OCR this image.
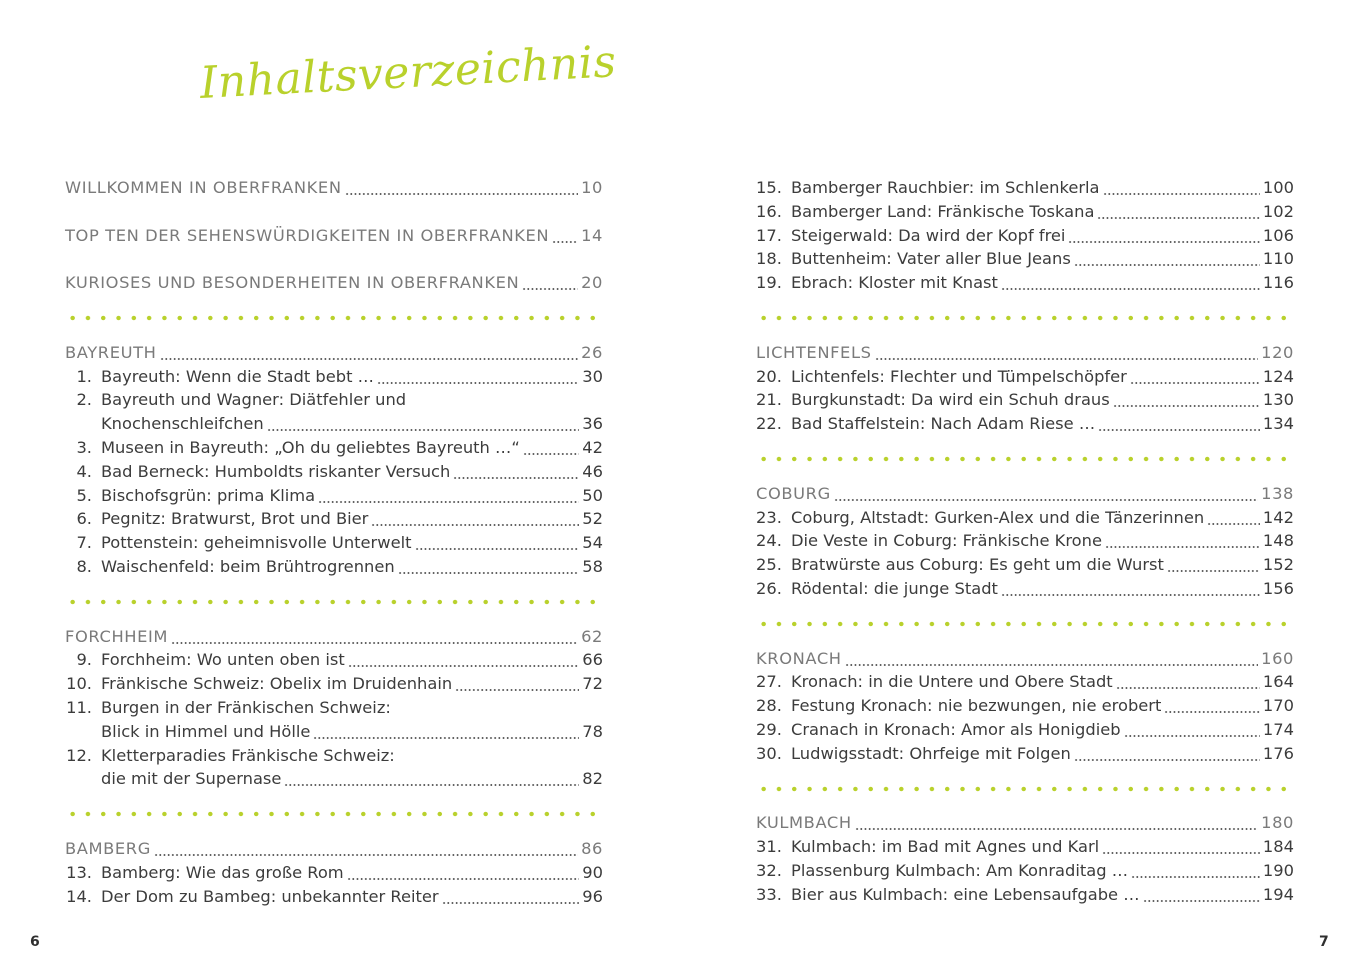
Inhaltsverzeichnis
WILLKOMMEN IN OBERFRANKEN	10
TOP TEN DER SEHENSWÜRDIGKEITEN IN OBERFRANKEN 14
KURIOSES UND BESONDERHEITEN IN OBERFRANKEN	20
BAYREUTH	26
1. Bayreuth: Wenn die Stadt bebt …	30
2. Bayreuth und Wagner: Diätfehler und
Knochenschleifchen	36
3. Museen in Bayreuth: „Oh du geliebtes Bayreuth …“	42
4. Bad Berneck: Humboldts riskanter Versuch	46
5. Bischofsgrün: prima Klima	50
6. Pegnitz: Bratwurst, Brot und Bier	52
7. Pottenstein: geheimnisvolle Unterwelt	54
8. Waischenfeld: beim Brühtrogrennen	58
FORCHHEIM	62
9. Forchheim: Wo unten oben ist	66
10. Fränkische Schweiz: Obelix im Druidenhain	72
11. Burgen in der Fränkischen Schweiz:
Blick in Himmel und Hölle	78
12. Kletterparadies Fränkische Schweiz:
die mit der Supernase	82
BAMBERG	86
13. Bamberg: Wie das große Rom	90
14. Der Dom zu Bambeg: unbekannter Reiter	96
15. Bamberger Rauchbier: im Schlenkerla	100
16. Bamberger Land: Fränkische Toskana	102
17. Steigerwald: Da wird der Kopf frei	106
18. Buttenheim: Vater aller Blue Jeans	110
19. Ebrach: Kloster mit Knast	116
LICHTENFELS	120
20. Lichtenfels: Flechter und Tümpelschöpfer	124
21. Burgkunstadt: Da wird ein Schuh draus	130
22. Bad Staffelstein: Nach Adam Riese …	134
COBURG	138
23. Coburg, Altstadt: Gurken-Alex und die Tänzerinnen	142
24. Die Veste in Coburg: Fränkische Krone	148
25. Bratwürste aus Coburg: Es geht um die Wurst	152
26. Rödental: die junge Stadt	156
KRONACH	160
27. Kronach: in die Untere und Obere Stadt	164
28. Festung Kronach: nie bezwungen, nie erobert	170
29. Cranach in Kronach: Amor als Honigdieb	174
30. Ludwigsstadt: Ohrfeige mit Folgen	176
KULMBACH	180
31. Kulmbach: im Bad mit Agnes und Karl	184
32. Plassenburg Kulmbach: Am Konraditag …	190
33. Bier aus Kulmbach: eine Lebensaufgabe …	194
6	7
